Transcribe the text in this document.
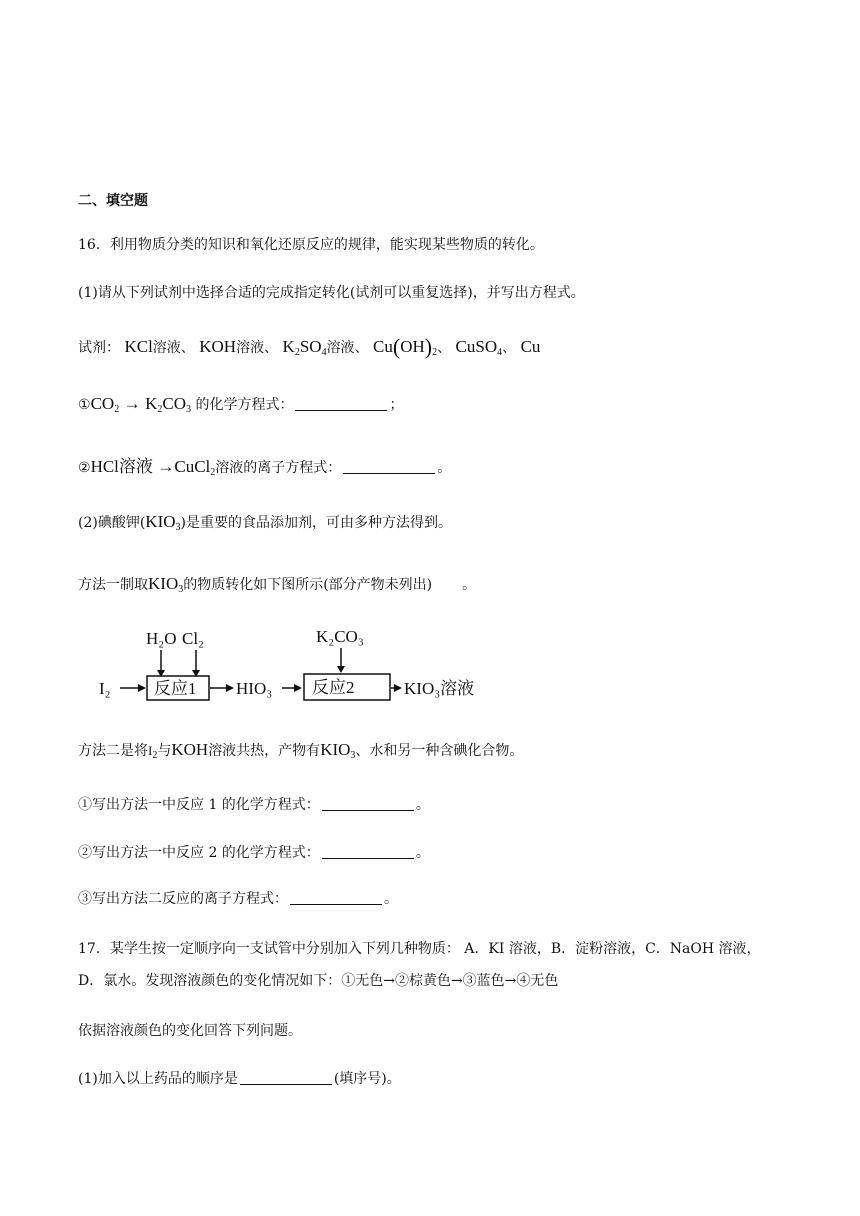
二、填空题
16．利用物质分类的知识和氧化还原反应的规律，能实现某些物质的转化。
(1)请从下列试剂中选择合适的完成指定转化(试剂可以重复选择)，并写出方程式。
试剂： KCl溶液、 KOH溶液、 $K_2SO_4$溶液、 $Cu(OH)_2$、 CuSO$_4$、 Cu
$①CO_2 \to K_2CO_3$ 的化学方程式：	；
②HCl溶液 →CuCl$_2$溶液的离子方程式：	。
(2)碘酸钾$(KIO_3)$是重要的食品添加剂，可由多种方法得到。
方法一制取$KIO_3$的物质转化如下图所示(部分产物未列出) 。
H₂O Cl₂	K₂CO₃
I₂	反应1 HIO₃ 反应2	KIO₃溶液
方法二是将$I_2$与KOH溶液共热，产物有$KIO_3$、水和另一种含碘化合物。
①写出方法一中反应 1 的化学方程式：	。
②写出方法一中反应 2 的化学方程式：	。
③写出方法二反应的离子方程式：	。
17．某学生按一定顺序向一支试管中分别加入下列几种物质： A．KI 溶液，B．淀粉溶液，C．NaOH 溶液，
D．氯水。发现溶液颜色的变化情况如下：①无色→②棕黄色→③蓝色→④无色
依据溶液颜色的变化回答下列问题。
(1)加入以上药品的顺序是	(填序号)。
